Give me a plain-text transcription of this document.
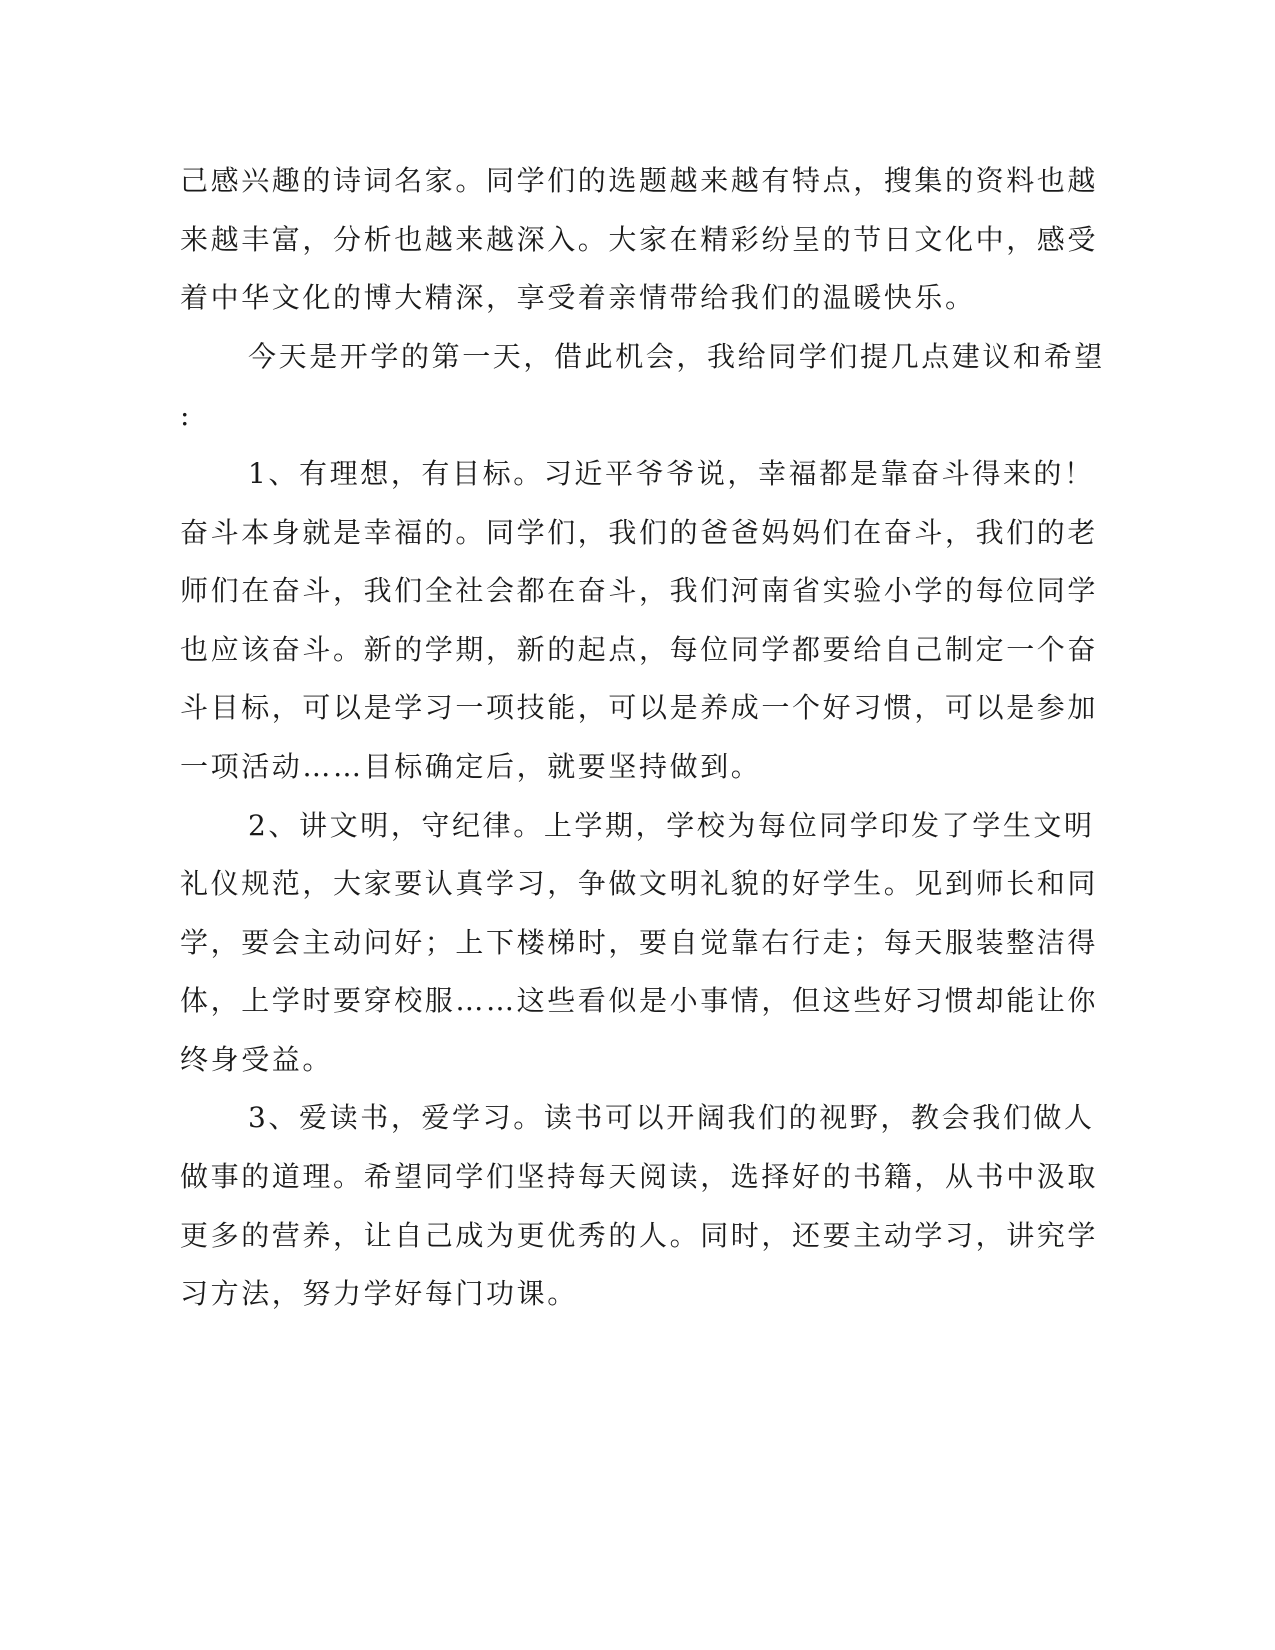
己感兴趣的诗词名家。同学们的选题越来越有特点，搜集的资料也越
来越丰富，分析也越来越深入。大家在精彩纷呈的节日文化中，感受
着中华文化的博大精深，享受着亲情带给我们的温暖快乐。
今天是开学的第一天，借此机会，我给同学们提几点建议和希望
:
1、有理想，有目标。习近平爷爷说，幸福都是靠奋斗得来的！
奋斗本身就是幸福的。同学们，我们的爸爸妈妈们在奋斗，我们的老
师们在奋斗，我们全社会都在奋斗，我们河南省实验小学的每位同学
也应该奋斗。新的学期，新的起点，每位同学都要给自己制定一个奋
斗目标，可以是学习一项技能，可以是养成一个好习惯，可以是参加
一项活动……目标确定后，就要坚持做到。
2、讲文明，守纪律。上学期，学校为每位同学印发了学生文明
礼仪规范，大家要认真学习，争做文明礼貌的好学生。见到师长和同
学，要会主动问好；上下楼梯时，要自觉靠右行走；每天服装整洁得
体，上学时要穿校服……这些看似是小事情，但这些好习惯却能让你
终身受益。
3、爱读书，爱学习。读书可以开阔我们的视野，教会我们做人
做事的道理。希望同学们坚持每天阅读，选择好的书籍，从书中汲取
更多的营养，让自己成为更优秀的人。同时，还要主动学习，讲究学
习方法，努力学好每门功课。
